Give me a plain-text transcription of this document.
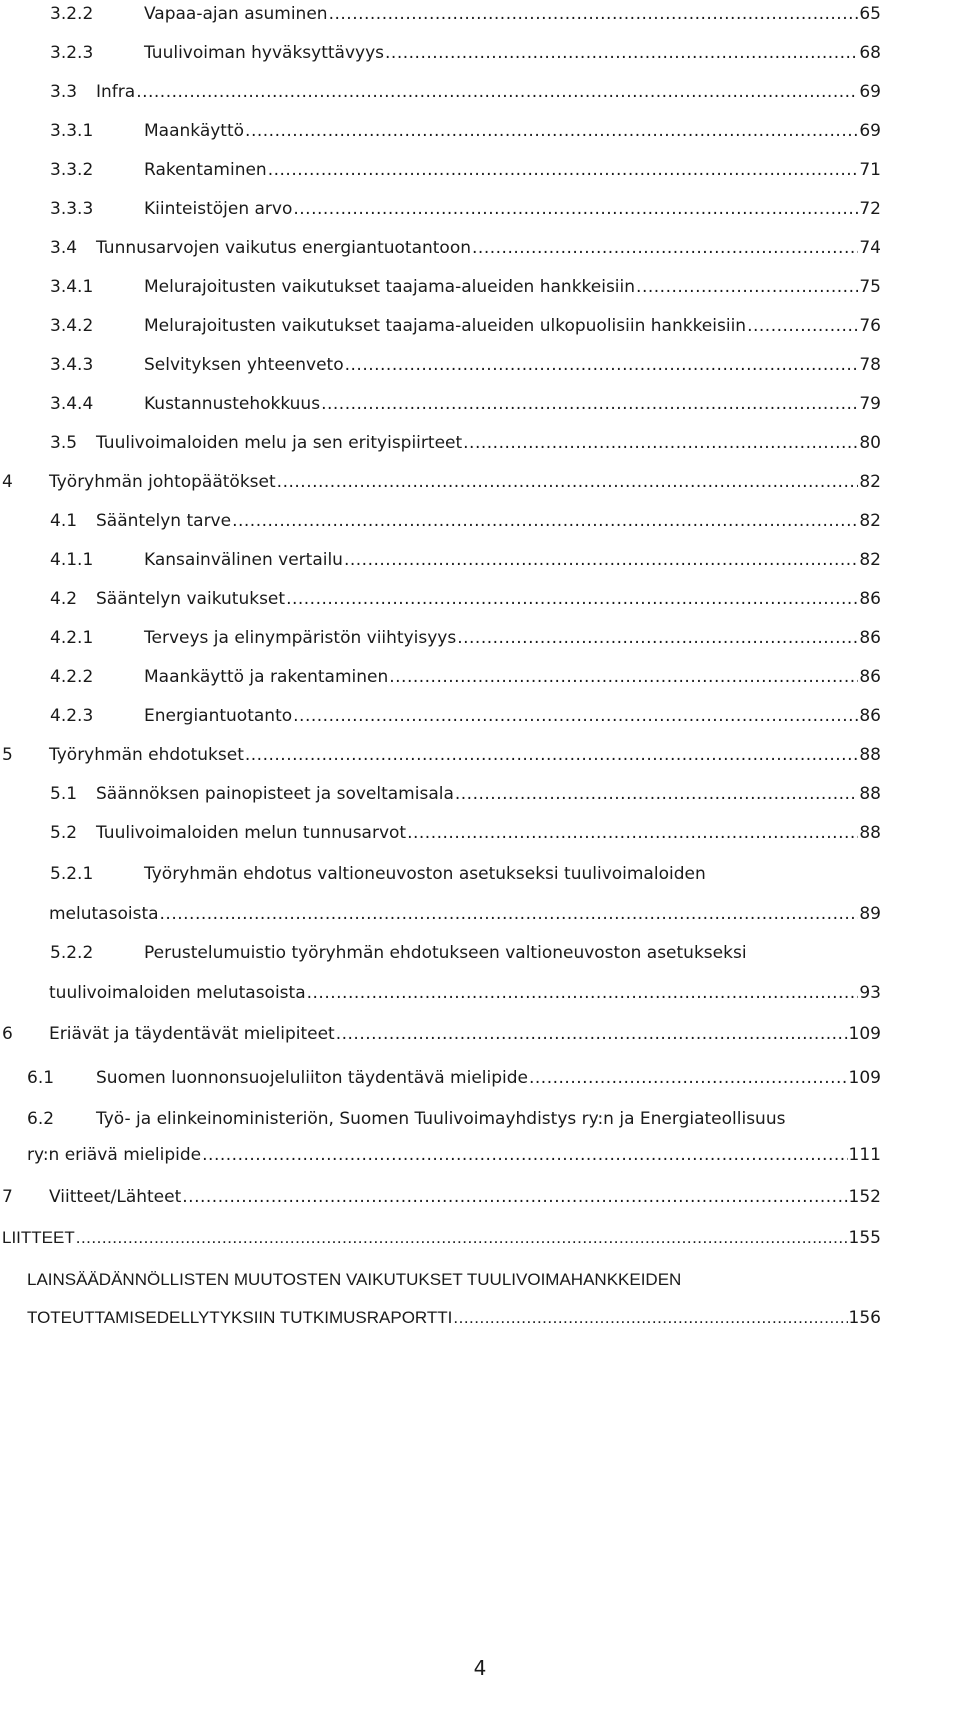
3.2.2	Vapaa-ajan asuminen .....	65
3.2.3	Tuulivoiman hyväksyttävyys .....	68
3.3 Infra .....	69
3.3.1	Maankäyttö .....	69
3.3.2	Rakentaminen .....	71
3.3.3	Kiinteistöjen arvo .....	72
3.4 Tunnusarvojen vaikutus energiantuotantoon .....	74
3.4.1	Melurajoitusten vaikutukset taajama-alueiden hankkeisiin .....	75
3.4.2	Melurajoitusten vaikutukset taajama-alueiden ulkopuolisiin hankkeisiin .....	76
3.4.3	Selvityksen yhteenveto .....	78
3.4.4	Kustannustehokkuus .....	79
3.5 Tuulivoimaloiden melu ja sen erityispiirteet .....	80
4 Työryhmän johtopäätökset .....	82
4.1 Sääntelyn tarve .....	82
4.1.1	Kansainvälinen vertailu .....	82
4.2 Sääntelyn vaikutukset .....	86
4.2.1	Terveys ja elinympäristön viihtyisyys .....	86
4.2.2	Maankäyttö ja rakentaminen .....	86
4.2.3	Energiantuotanto .....	86
5 Työryhmän ehdotukset .....	88
5.1 Säännöksen painopisteet ja soveltamisala .....	88
5.2 Tuulivoimaloiden melun tunnusarvot .....	88
5.2.1	Työryhmän ehdotus valtioneuvoston asetukseksi tuulivoimaloiden
melutasoista .....	89
5.2.2	Perustelumuistio työryhmän ehdotukseen valtioneuvoston asetukseksi
tuulivoimaloiden melutasoista .....	93
6 Eriävät ja täydentävät mielipiteet .....	109
6.1 Suomen luonnonsuojeluliiton täydentävä mielipide .....	109
6.2 Työ- ja elinkeinoministeriön, Suomen Tuulivoimayhdistys ry:n ja Energiateollisuus
ry:n eriävä mielipide .....	111
7 Viitteet/Lähteet .....	152
LIITTEET .....	155
LAINSÄÄDÄNNÖLLISTEN MUUTOSTEN VAIKUTUKSET TUULIVOIMAHANKKEIDEN
TOTEUTTAMISEDELLYTYKSIIN TUTKIMUSRAPORTTI .....	156
4
